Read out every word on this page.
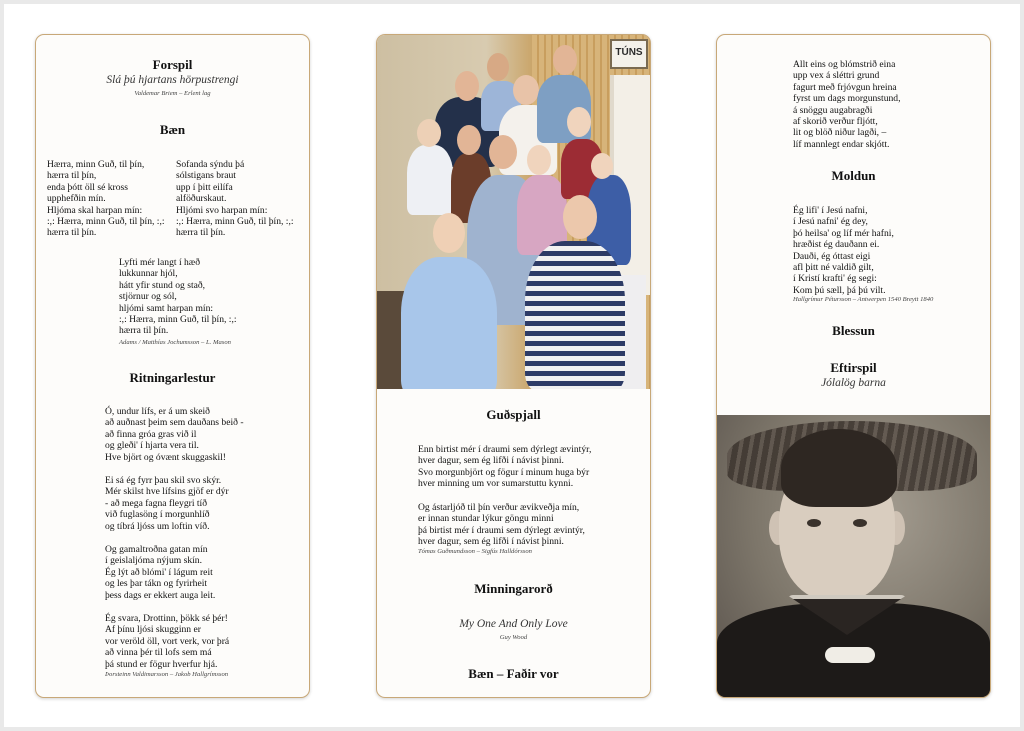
Forspil
Slá þú hjartans hörpustrengi
Valdemar Briem – Erlent lag
Bæn
Hærra, minn Guð, til þín,
hærra til þín,
enda þótt öll sé kross
upphefðin mín.
Hljóma skal harpan mín:
:,: Hærra, minn Guð, til þín, :,:
hærra til þín.
Sofanda sýndu þá
sólstigans braut
upp í þitt eilífa
alföðurskaut.
Hljómi svo harpan mín:
:,: Hærra, minn Guð, til þín, :,:
hærra til þín.
Lyfti mér langt í hæð
lukkunnar hjól,
hátt yfir stund og stað,
stjörnur og sól,
hljómi samt harpan mín:
:,: Hærra, minn Guð, til þín, :,:
hærra til þín.
Adams / Matthías Jochumsson – L. Mason
Ritningarlestur
Ó, undur lífs, er á um skeið
að auðnast þeim sem dauðans beið -
að finna gróa gras við il
og gleði' í hjarta vera til.
Hve björt og óvænt skuggaskil!
Ei sá ég fyrr þau skil svo skýr.
Mér skilst hve lífsins gjöf er dýr
- að mega fagna fleygri tíð
við fuglasöng í morgunhlíð
og tíbrá ljóss um loftin víð.
Og gamaltroðna gatan mín
í geislaljóma nýjum skín.
Ég lýt að blómi' í lágum reit
og les þar tákn og fyrirheit
þess dags er ekkert auga leit.
Ég svara, Drottinn, þökk sé þér!
Af þínu ljósi skugginn er
vor veröld öll, vort verk, vor þrá
að vinna þér til lofs sem má
þá stund er fögur hverfur hjá.
Þorsteinn Valdimarsson – Jakob Hallgrímsson
TÚNS
Guðspjall
Enn birtist mér í draumi sem dýrlegt ævintýr,
hver dagur, sem ég lifði í návist þinni.
Svo morgunbjört og fögur í minum huga býr
hver minning um vor sumarstuttu kynni.
Og ástarljóð til þín verður ævikveðja mín,
er innan stundar lýkur göngu minni
þá birtist mér í draumi sem dýrlegt ævintýr,
hver dagur, sem ég lifði í návist þinni.
Tómas Guðmundsson – Sigfús Halldórsson
Minningarorð
My One And Only Love
Guy Wood
Bæn – Faðir vor
Allt eins og blómstrið eina
upp vex á sléttri grund
fagurt með frjóvgun hreina
fyrst um dags morgunstund,
á snöggu augabragði
af skorið verður fljótt,
lit og blöð niður lagði, –
líf mannlegt endar skjótt.
Moldun
Ég lifi' í Jesú nafni,
í Jesú nafni' ég dey,
þó heilsa' og líf mér hafni,
hræðist ég dauðann ei.
Dauði, ég óttast eigi
afl þitt né valdið gilt,
í Kristí krafti' ég segi:
Kom þú sæll, þá þú vilt.
Hallgrímur Pétursson – Antwerpen 1540 Breytt 1840
Blessun
Eftirspil
Jólalög barna
